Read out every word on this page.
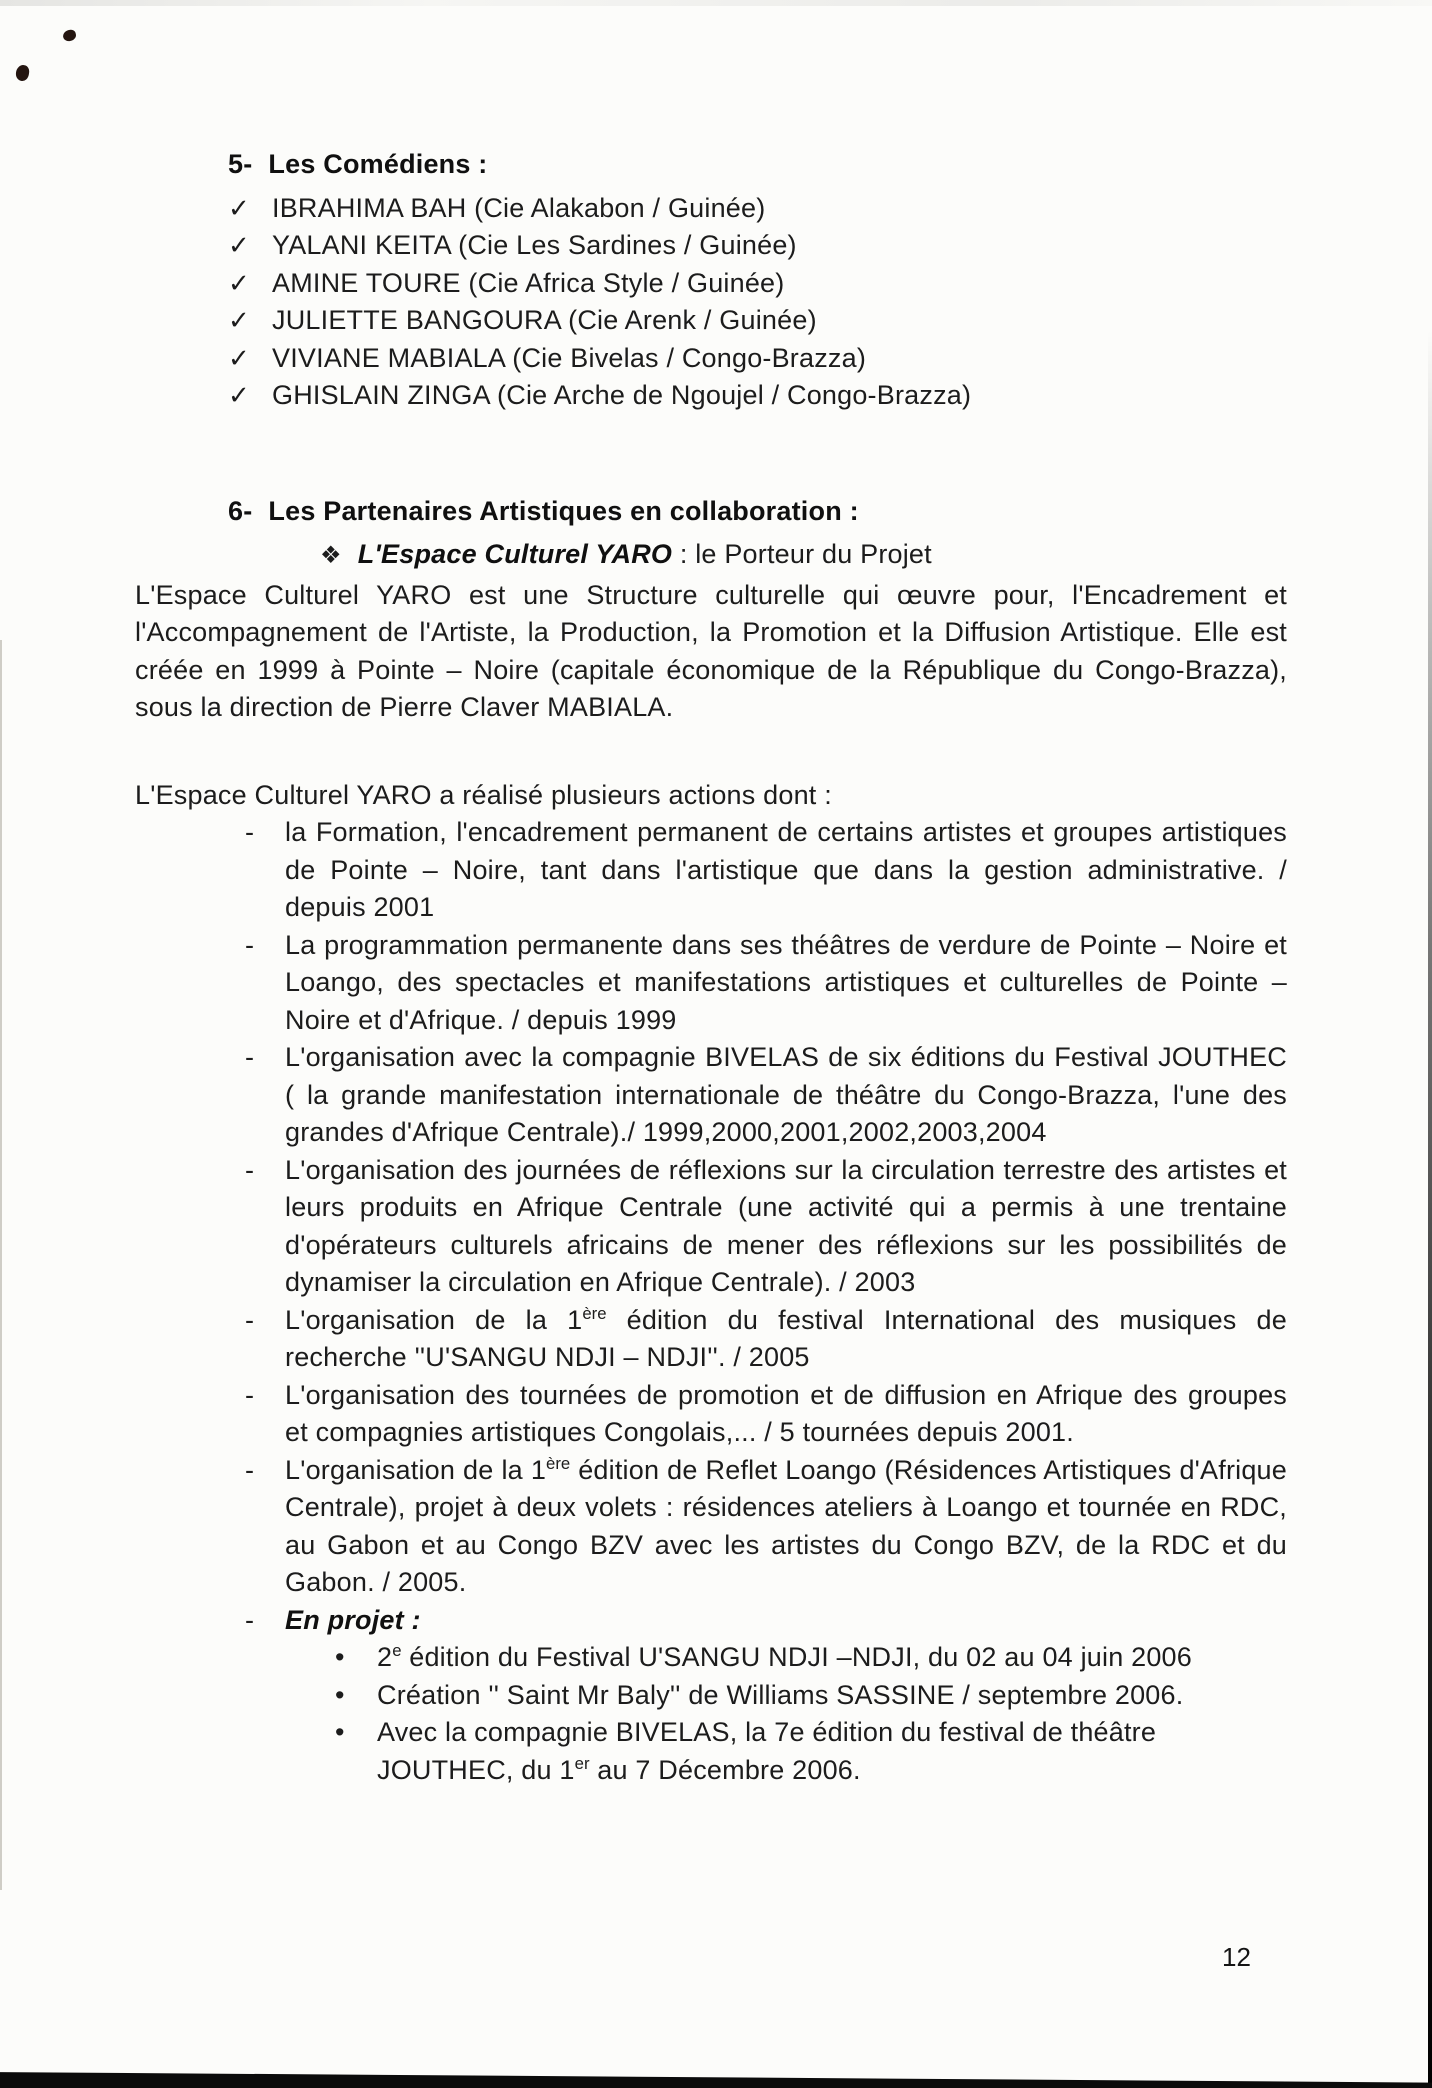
5- Les Comédiens :
✓ IBRAHIMA BAH (Cie Alakabon / Guinée)
✓ YALANI KEITA (Cie Les Sardines / Guinée)
✓ AMINE TOURE (Cie Africa Style / Guinée)
✓ JULIETTE BANGOURA (Cie Arenk / Guinée)
✓ VIVIANE MABIALA (Cie Bivelas / Congo-Brazza)
✓ GHISLAIN ZINGA (Cie Arche de Ngoujel / Congo-Brazza)
6- Les Partenaires Artistiques en collaboration :
❖ L'Espace Culturel YARO : le Porteur du Projet

L'Espace Culturel YARO est une Structure culturelle qui œuvre pour, l'Encadrement et l'Accompagnement de l'Artiste, la Production, la Promotion et la Diffusion Artistique. Elle est créée en 1999 à Pointe – Noire (capitale économique de la République du Congo-Brazza), sous la direction de Pierre Claver MABIALA.

L'Espace Culturel YARO a réalisé plusieurs actions dont :

-	la Formation, l'encadrement permanent de certains artistes et groupes artistiques de Pointe – Noire, tant dans l'artistique que dans la gestion administrative. / depuis 2001
-	La programmation permanente dans ses théâtres de verdure de Pointe – Noire et Loango, des spectacles et manifestations artistiques et culturelles de Pointe – Noire et d'Afrique. / depuis 1999
-	L'organisation avec la compagnie BIVELAS de six éditions du Festival JOUTHEC ( la grande manifestation internationale de théâtre du Congo-Brazza, l'une des grandes d'Afrique Centrale)./ 1999,2000,2001,2002,2003,2004
-	L'organisation des journées de réflexions sur la circulation terrestre des artistes et leurs produits en Afrique Centrale (une activité qui a permis à une trentaine d'opérateurs culturels africains de mener des réflexions sur les possibilités de dynamiser la circulation en Afrique Centrale). / 2003
-	L'organisation de la 1ère édition du festival International des musiques de recherche ''U'SANGU NDJI – NDJI''. / 2005
-	L'organisation des tournées de promotion et de diffusion en Afrique des groupes et compagnies artistiques Congolais,... / 5 tournées depuis 2001.
-	L'organisation de la 1ère édition de Reflet Loango (Résidences Artistiques d'Afrique Centrale), projet à deux volets : résidences ateliers à Loango et tournée en RDC, au Gabon et au Congo BZV avec les artistes du Congo BZV, de la RDC et du Gabon. / 2005.
-	En projet :
•	2e édition du Festival U'SANGU NDJI –NDJI, du 02 au 04 juin 2006
•	Création '' Saint Mr Baly'' de Williams SASSINE / septembre 2006.
•	Avec la compagnie BIVELAS, la 7e édition du festival de théâtre JOUTHEC, du 1er au 7 Décembre 2006.
12
